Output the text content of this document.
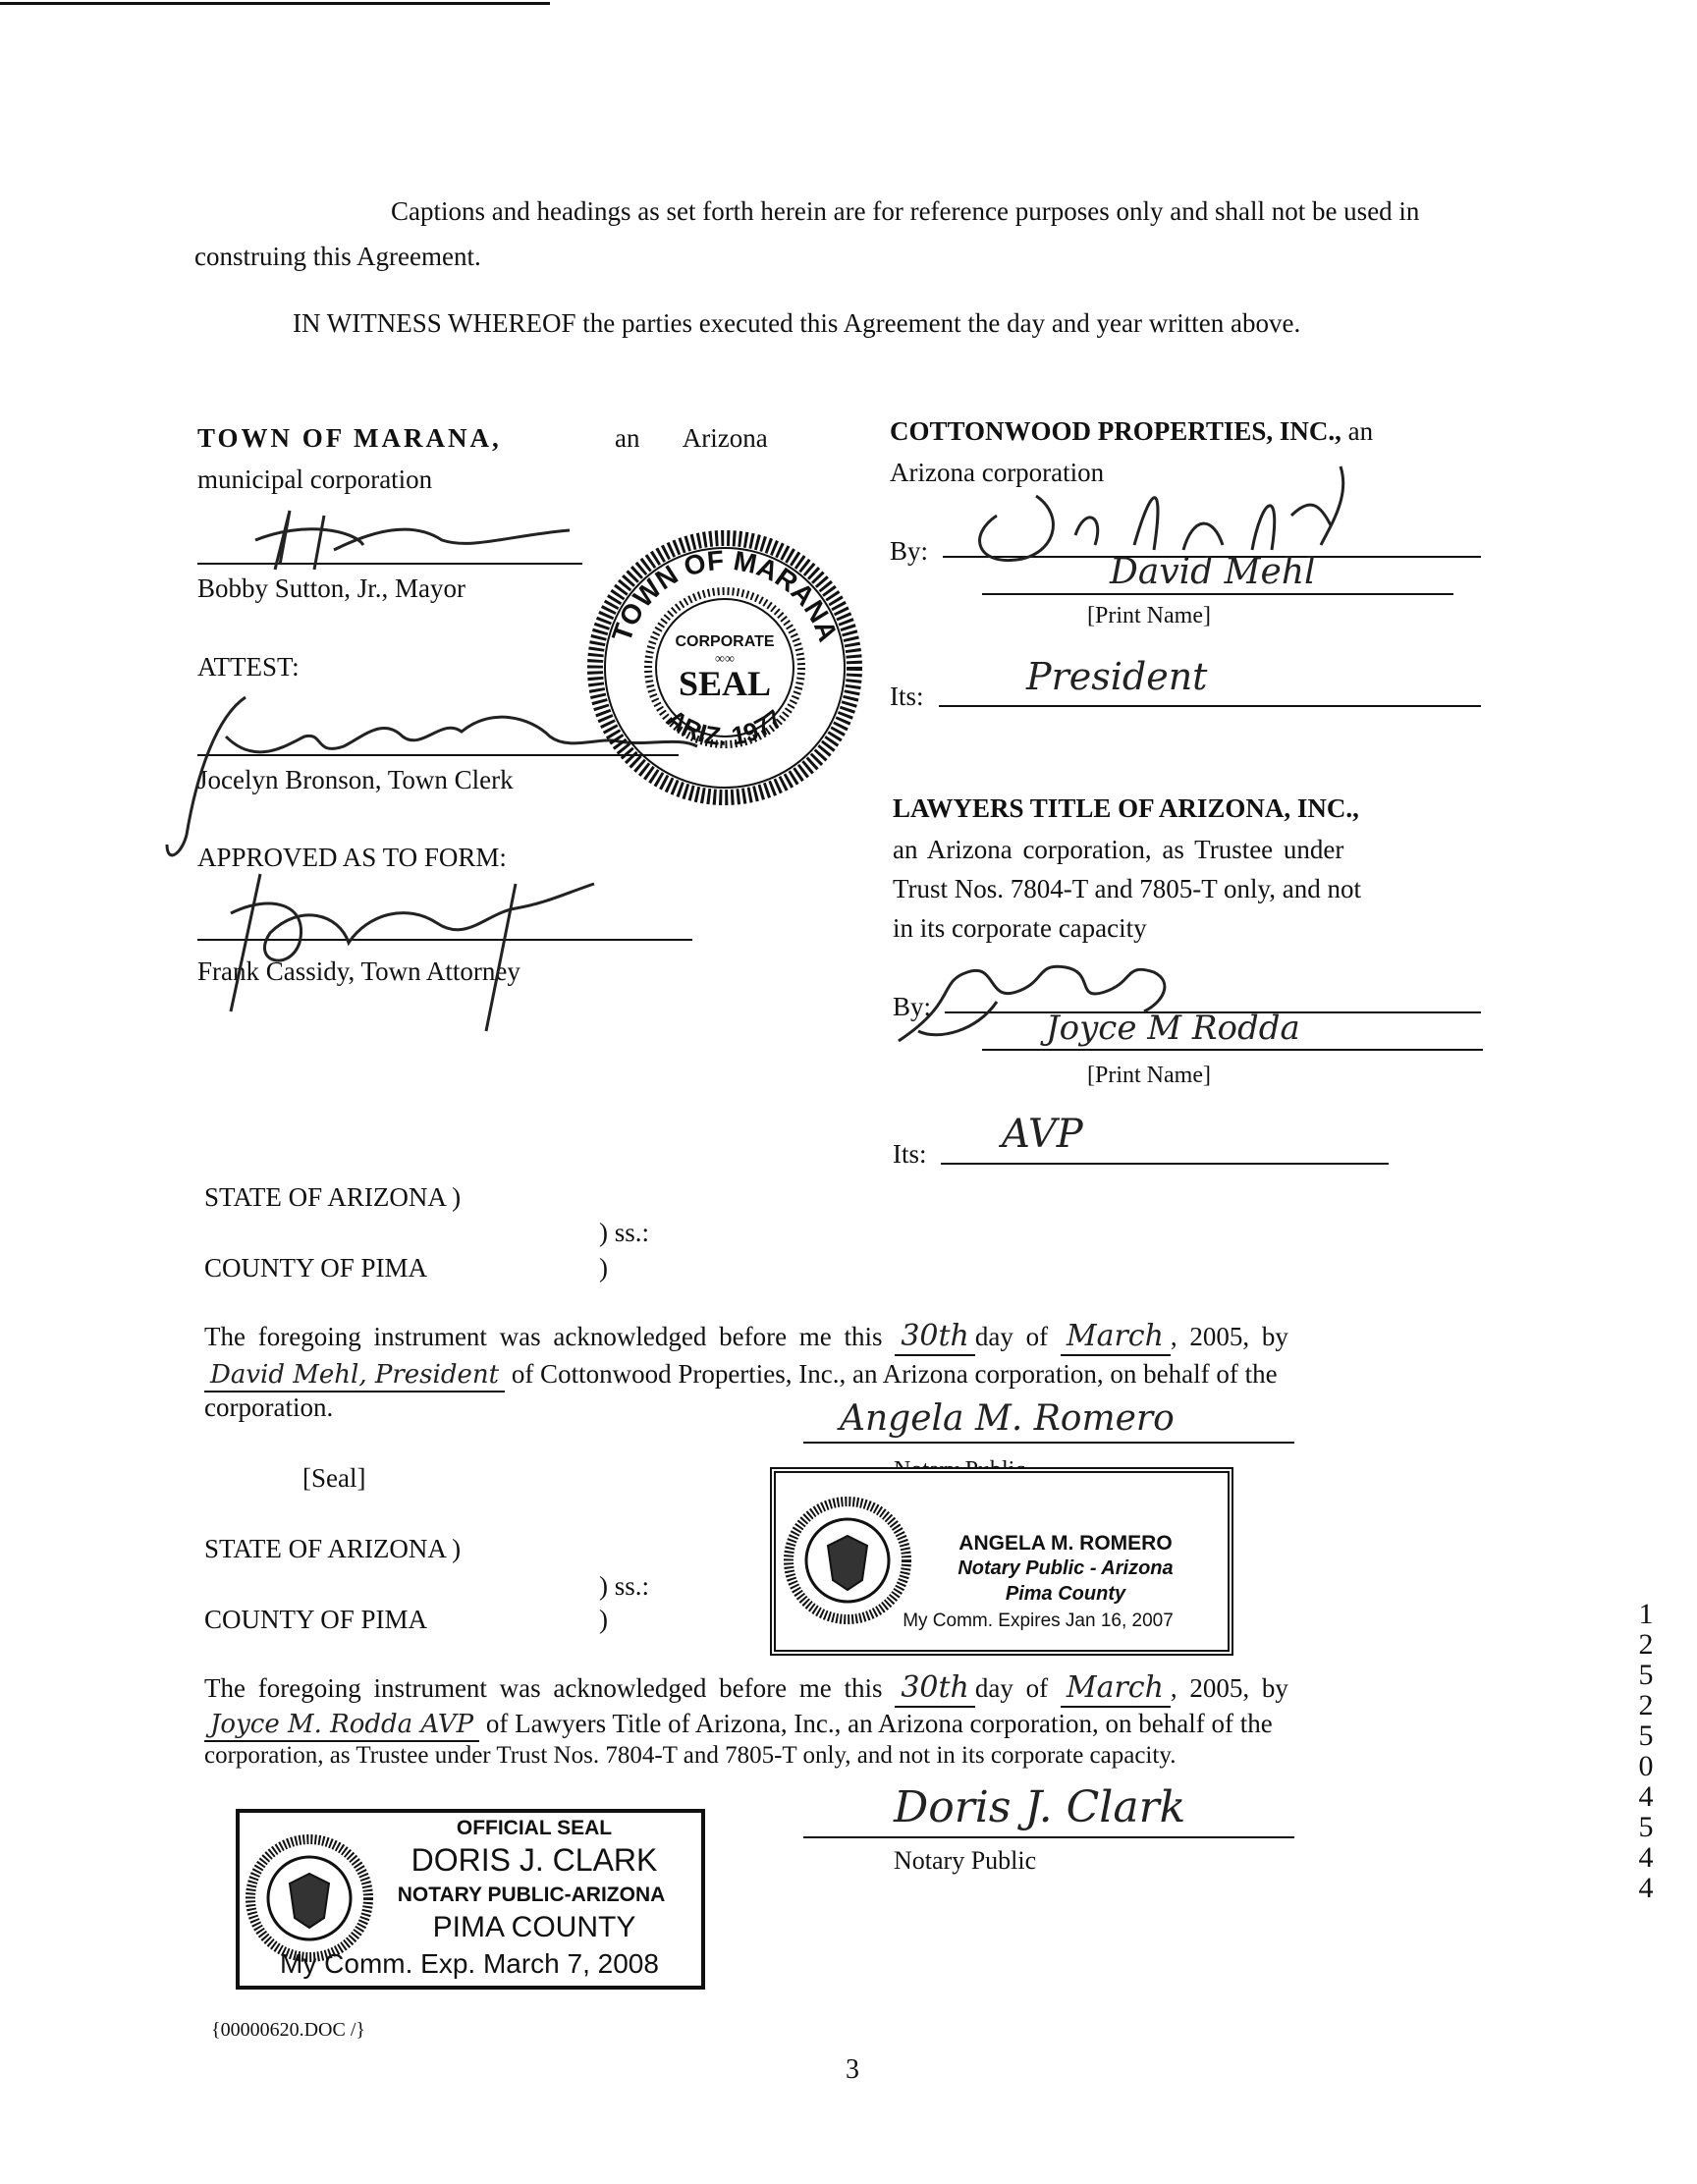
Captions and headings as set forth herein are for reference purposes only and shall not be used in construing this Agreement.
IN WITNESS WHEREOF the parties executed this Agreement the day and year written above.
TOWN OF MARANA,	an Arizona
municipal corporation
Bobby Sutton, Jr., Mayor
ATTEST:
Jocelyn Bronson, Town Clerk
APPROVED AS TO FORM:
Frank Cassidy, Town Attorney
TOWN OF MARANA
ARIZ. 1977
CORPORATE
∞∞
SEAL
COTTONWOOD PROPERTIES, INC., an
Arizona corporation
By:
David Mehl
[Print Name]
Its:	President
LAWYERS TITLE OF ARIZONA, INC.,
an Arizona corporation, as Trustee under
Trust Nos. 7804-T and 7805-T only, and not
in its corporate capacity
By:
Joyce M Rodda
[Print Name]
Its: AVP
STATE OF ARIZONA )
) ss.:
COUNTY OF PIMA	)
The foregoing instrument was acknowledged before me this 30th day of March , 2005, by
David Mehl, President of Cottonwood Properties, Inc., an Arizona corporation, on behalf of the
corporation.	Angela M. Romero
[Seal]
ANGELA M. ROMERO
Notary Public - Arizona
Pima County
My Comm. Expires Jan 16, 2007
STATE OF ARIZONA )
) ss.:
COUNTY OF PIMA	)
The foregoing instrument was acknowledged before me this 30th day of March , 2005, by
Joyce M. Rodda AVP of Lawyers Title of Arizona, Inc., an Arizona corporation, on behalf of the
corporation, as Trustee under Trust Nos. 7804-T and 7805-T only, and not in its corporate capacity.
Doris J. Clark
Notary Public
OFFICIAL SEAL
DORIS J. CLARK
NOTARY PUBLIC-ARIZONA
PIMA COUNTY
My Comm. Exp. March 7, 2008
{00000620.DOC /}
3
1 2 5 2 5 0 4 5 4 4
